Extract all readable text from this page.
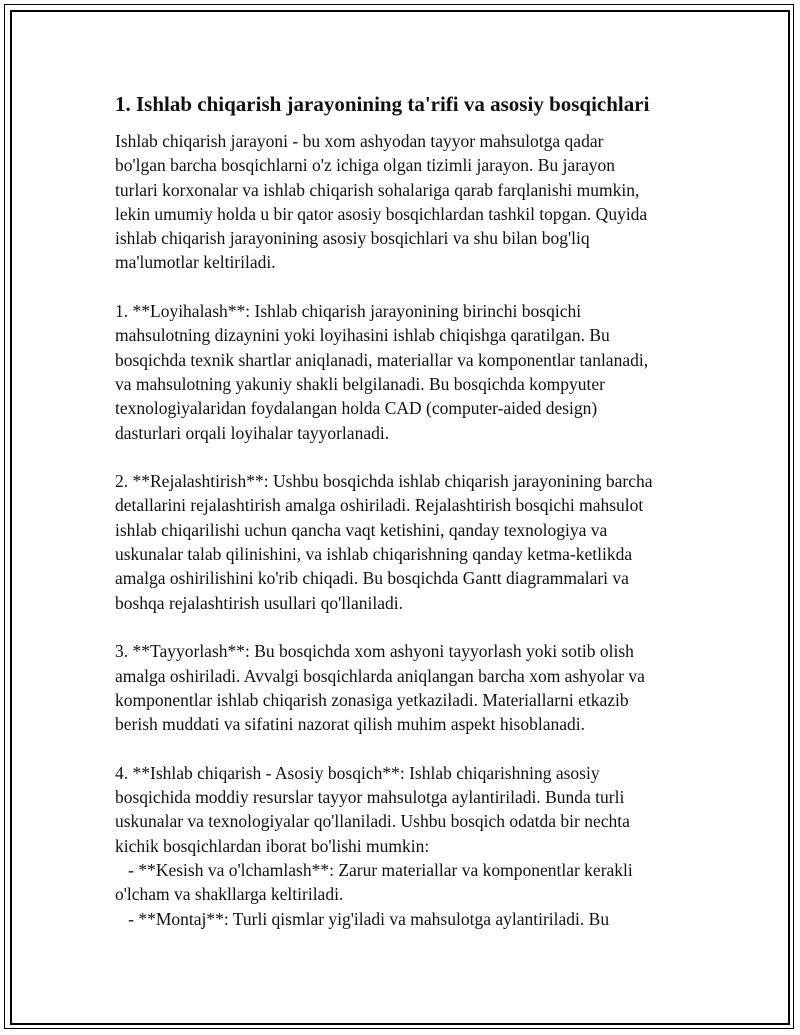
1. Ishlab chiqarish jarayonining ta'rifi va asosiy bosqichlari
Ishlab chiqarish jarayoni - bu xom ashyodan tayyor mahsulotga qadar
bo'lgan barcha bosqichlarni o'z ichiga olgan tizimli jarayon. Bu jarayon
turlari korxonalar va ishlab chiqarish sohalariga qarab farqlanishi mumkin,
lekin umumiy holda u bir qator asosiy bosqichlardan tashkil topgan. Quyida
ishlab chiqarish jarayonining asosiy bosqichlari va shu bilan bog'liq
ma'lumotlar keltiriladi.
1. **Loyihalash**: Ishlab chiqarish jarayonining birinchi bosqichi
mahsulotning dizaynini yoki loyihasini ishlab chiqishga qaratilgan. Bu
bosqichda texnik shartlar aniqlanadi, materiallar va komponentlar tanlanadi,
va mahsulotning yakuniy shakli belgilanadi. Bu bosqichda kompyuter
texnologiyalaridan foydalangan holda CAD (computer-aided design)
dasturlari orqali loyihalar tayyorlanadi.
2. **Rejalashtirish**: Ushbu bosqichda ishlab chiqarish jarayonining barcha
detallarini rejalashtirish amalga oshiriladi. Rejalashtirish bosqichi mahsulot
ishlab chiqarilishi uchun qancha vaqt ketishini, qanday texnologiya va
uskunalar talab qilinishini, va ishlab chiqarishning qanday ketma-ketlikda
amalga oshirilishini ko'rib chiqadi. Bu bosqichda Gantt diagrammalari va
boshqa rejalashtirish usullari qo'llaniladi.
3. **Tayyorlash**: Bu bosqichda xom ashyoni tayyorlash yoki sotib olish
amalga oshiriladi. Avvalgi bosqichlarda aniqlangan barcha xom ashyolar va
komponentlar ishlab chiqarish zonasiga yetkaziladi. Materiallarni etkazib
berish muddati va sifatini nazorat qilish muhim aspekt hisoblanadi.
4. **Ishlab chiqarish - Asosiy bosqich**: Ishlab chiqarishning asosiy
bosqichida moddiy resurslar tayyor mahsulotga aylantiriladi. Bunda turli
uskunalar va texnologiyalar qo'llaniladi. Ushbu bosqich odatda bir nechta
kichik bosqichlardan iborat bo'lishi mumkin:
- **Kesish va o'lchamlash**: Zarur materiallar va komponentlar kerakli
o'lcham va shakllarga keltiriladi.
- **Montaj**: Turli qismlar yig'iladi va mahsulotga aylantiriladi. Bu
